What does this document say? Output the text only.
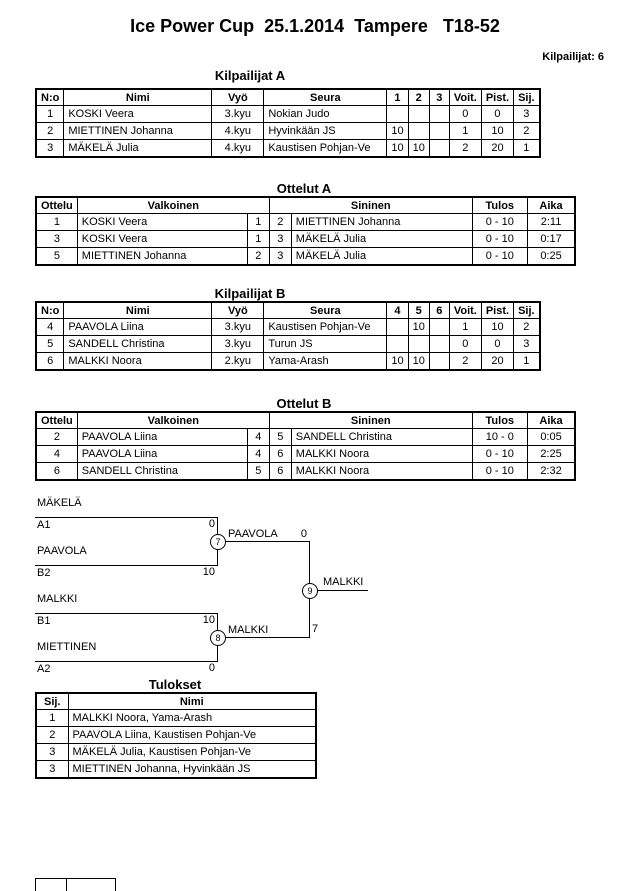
Ice Power Cup  25.1.2014  Tampere   T18-52
Kilpailijat: 6
Kilpailijat A
N:o	Nimi	Vyö	Seura	1	2	3	Voit.	Pist.	Sij.
1	KOSKI Veera	3.kyu	Nokian Judo				0	0	3
2	MIETTINEN Johanna	4.kyu	Hyvinkään JS	10			1	10	2
3	MÄKELÄ Julia	4.kyu	Kaustisen Pohjan-Ve	10	10		2	20	1
Ottelut A
Ottelu	Valkoinen		Sininen		Tulos	Aika
1	KOSKI Veera	1	2	MIETTINEN Johanna	0 - 10	2:11
3	KOSKI Veera	1	3	MÄKELÄ Julia	0 - 10	0:17
5	MIETTINEN Johanna	2	3	MÄKELÄ Julia	0 - 10	0:25
Kilpailijat B
N:o	Nimi	Vyö	Seura	4	5	6	Voit.	Pist.	Sij.
4	PAAVOLA Liina	3.kyu	Kaustisen Pohjan-Ve		10		1	10	2
5	SANDELL Christina	3.kyu	Turun JS				0	0	3
6	MALKKI Noora	2.kyu	Yama-Arash	10	10		2	20	1
Ottelut B
Ottelu	Valkoinen		Sininen		Tulos	Aika
2	PAAVOLA Liina	4	5	SANDELL Christina	10 - 0	0:05
4	PAAVOLA Liina	4	6	MALKKI Noora	0 - 10	2:25
6	SANDELL Christina	5	6	MALKKI Noora	0 - 10	2:32
MÄKELÄ
A1	0
PAAVOLA
B2	10
MALKKI
B1	10
MIETTINEN
A2	0
PAAVOLA	0
MALKKI	7
MALKKI
7
8
9
Tulokset
Sij.	Nimi
1	MALKKI Noora, Yama-Arash
2	PAAVOLA Liina, Kaustisen Pohjan-Ve
3	MÄKELÄ Julia, Kaustisen Pohjan-Ve
3	MIETTINEN Johanna, Hyvinkään JS
